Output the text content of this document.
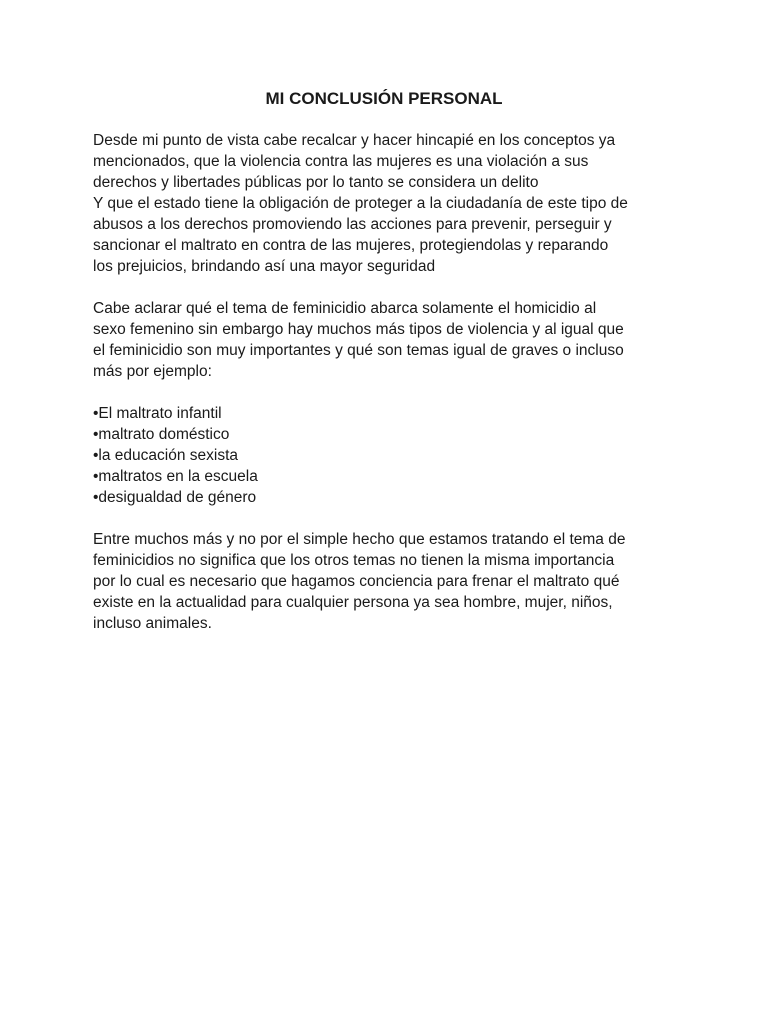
MI CONCLUSIÓN PERSONAL
Desde mi punto de vista cabe recalcar y hacer hincapié en los conceptos ya
mencionados, que la violencia contra las mujeres es una violación a sus
derechos y libertades públicas por lo tanto se considera un delito
Y que el estado tiene la obligación de proteger a la ciudadanía de este tipo de
abusos a los derechos promoviendo las acciones para prevenir, perseguir y
sancionar el maltrato en contra de las mujeres, protegiendolas y reparando
los prejuicios, brindando así una mayor seguridad
Cabe aclarar qué el tema de feminicidio abarca solamente el homicidio al
sexo femenino sin embargo hay muchos más tipos de violencia y al igual que
el feminicidio son muy importantes y qué son temas igual de graves o incluso
más por ejemplo:
•El maltrato infantil
•maltrato doméstico
•la educación sexista
•maltratos en la escuela
•desigualdad de género
Entre muchos más y no por el simple hecho que estamos tratando el tema de
feminicidios no significa que los otros temas no tienen la misma importancia
por lo cual es necesario que hagamos conciencia para frenar el maltrato qué
existe en la actualidad para cualquier persona ya sea hombre, mujer, niños,
incluso animales.
